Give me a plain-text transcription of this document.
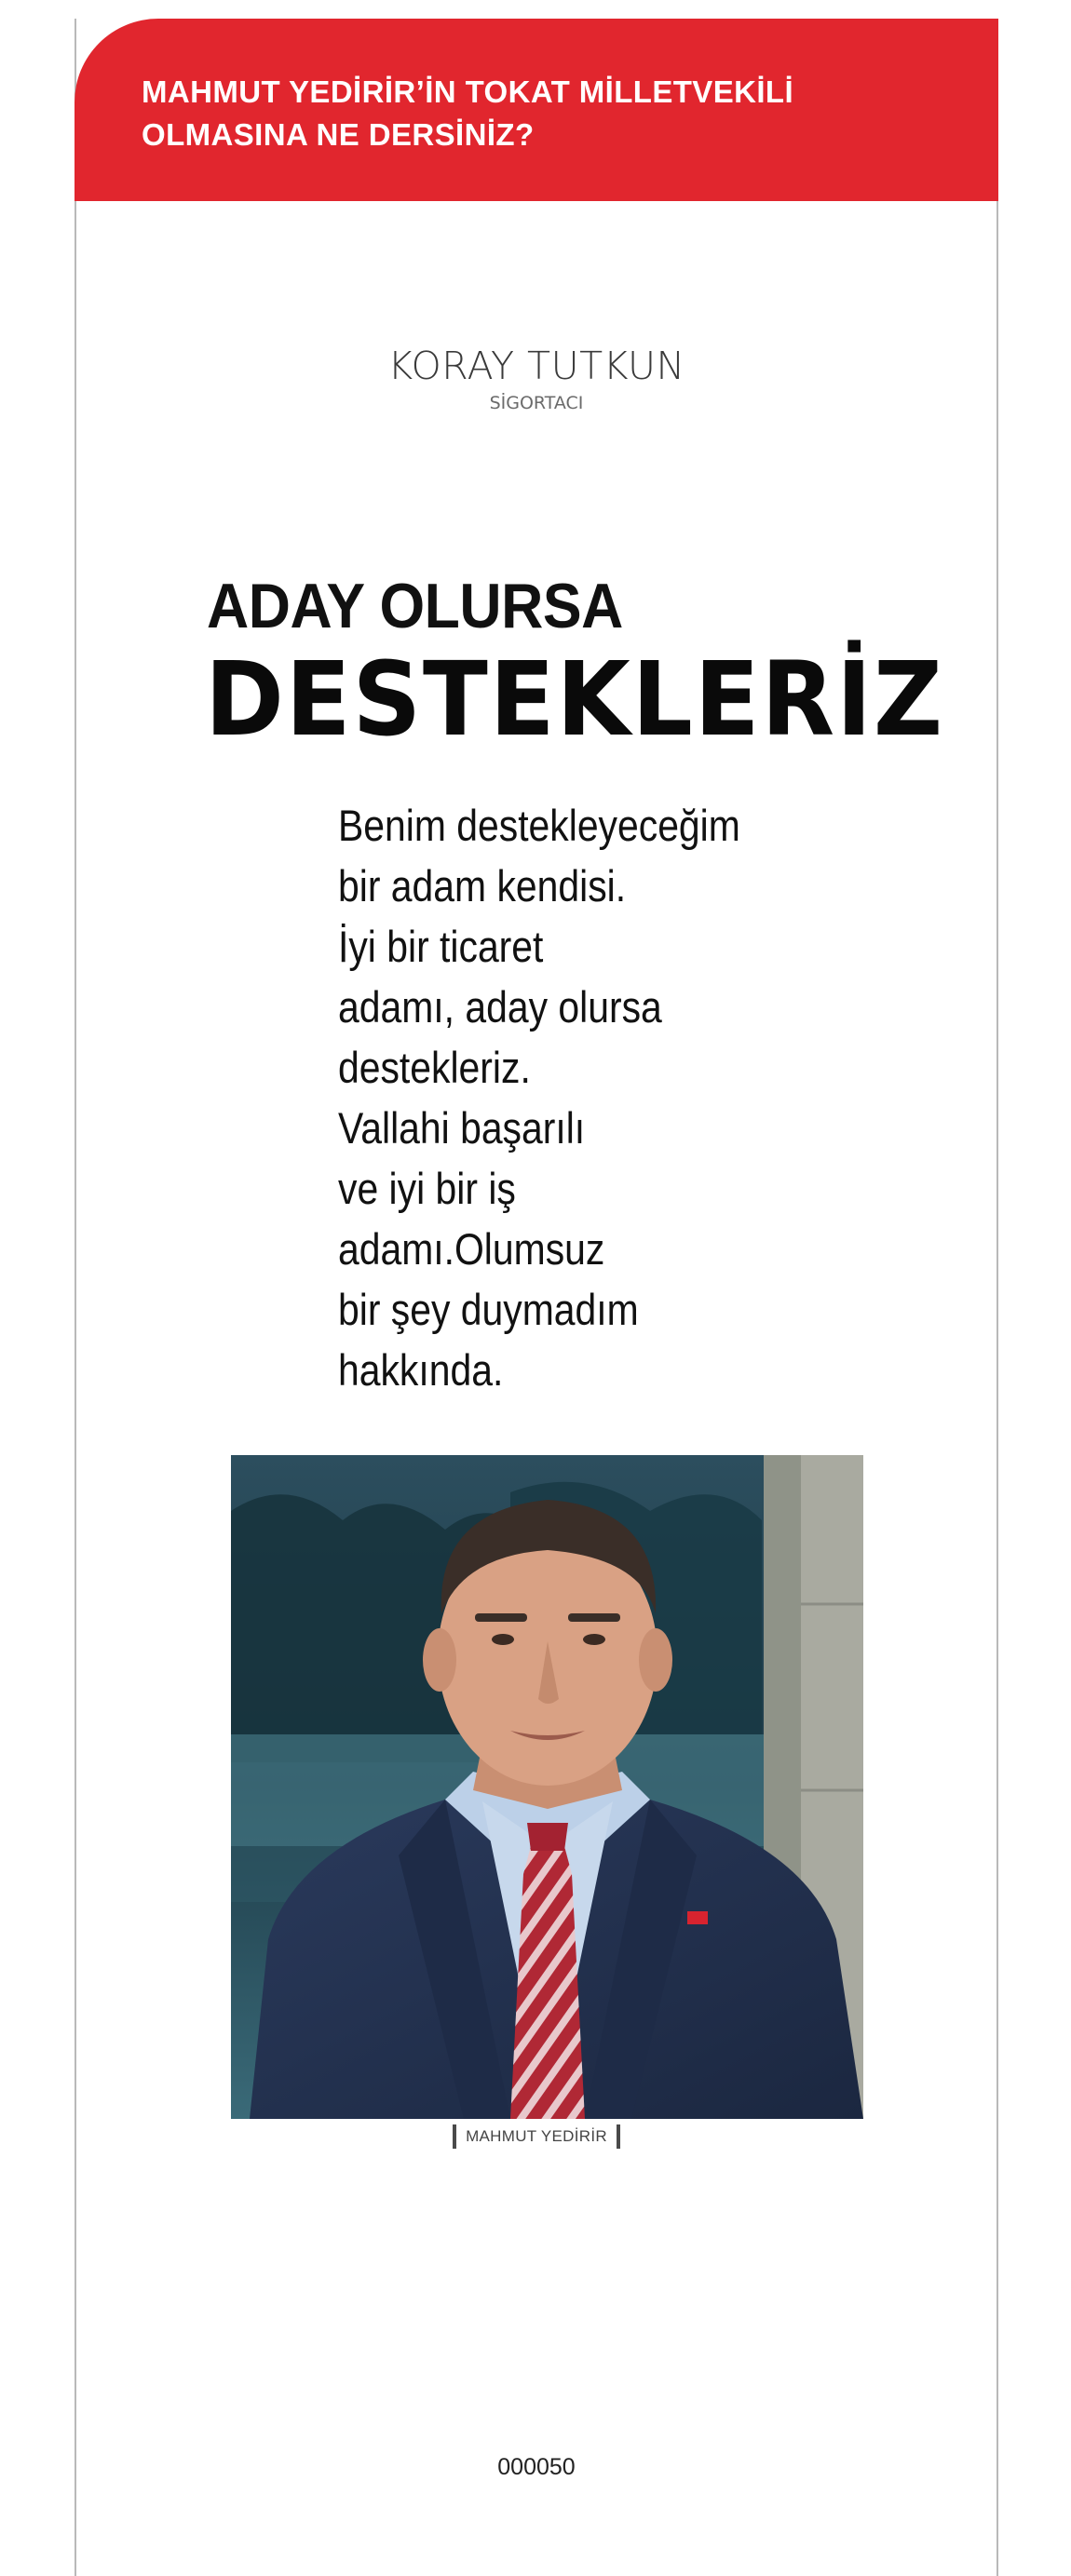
MAHMUT YEDİRİR’İN TOKAT MİLLETVEKİLİ
OLMASINA NE DERSİNİZ?
KORAY TUTKUN
SİGORTACI
ADAY OLURSA
DESTEKLERİZ
Benim destekleyeceğim
bir adam kendisi.
İyi bir ticaret
adamı, aday olursa
destekleriz.
Vallahi başarılı
ve iyi bir iş
adamı.Olumsuz
bir şey duymadım
hakkında.
MAHMUT YEDİRİR
000050
